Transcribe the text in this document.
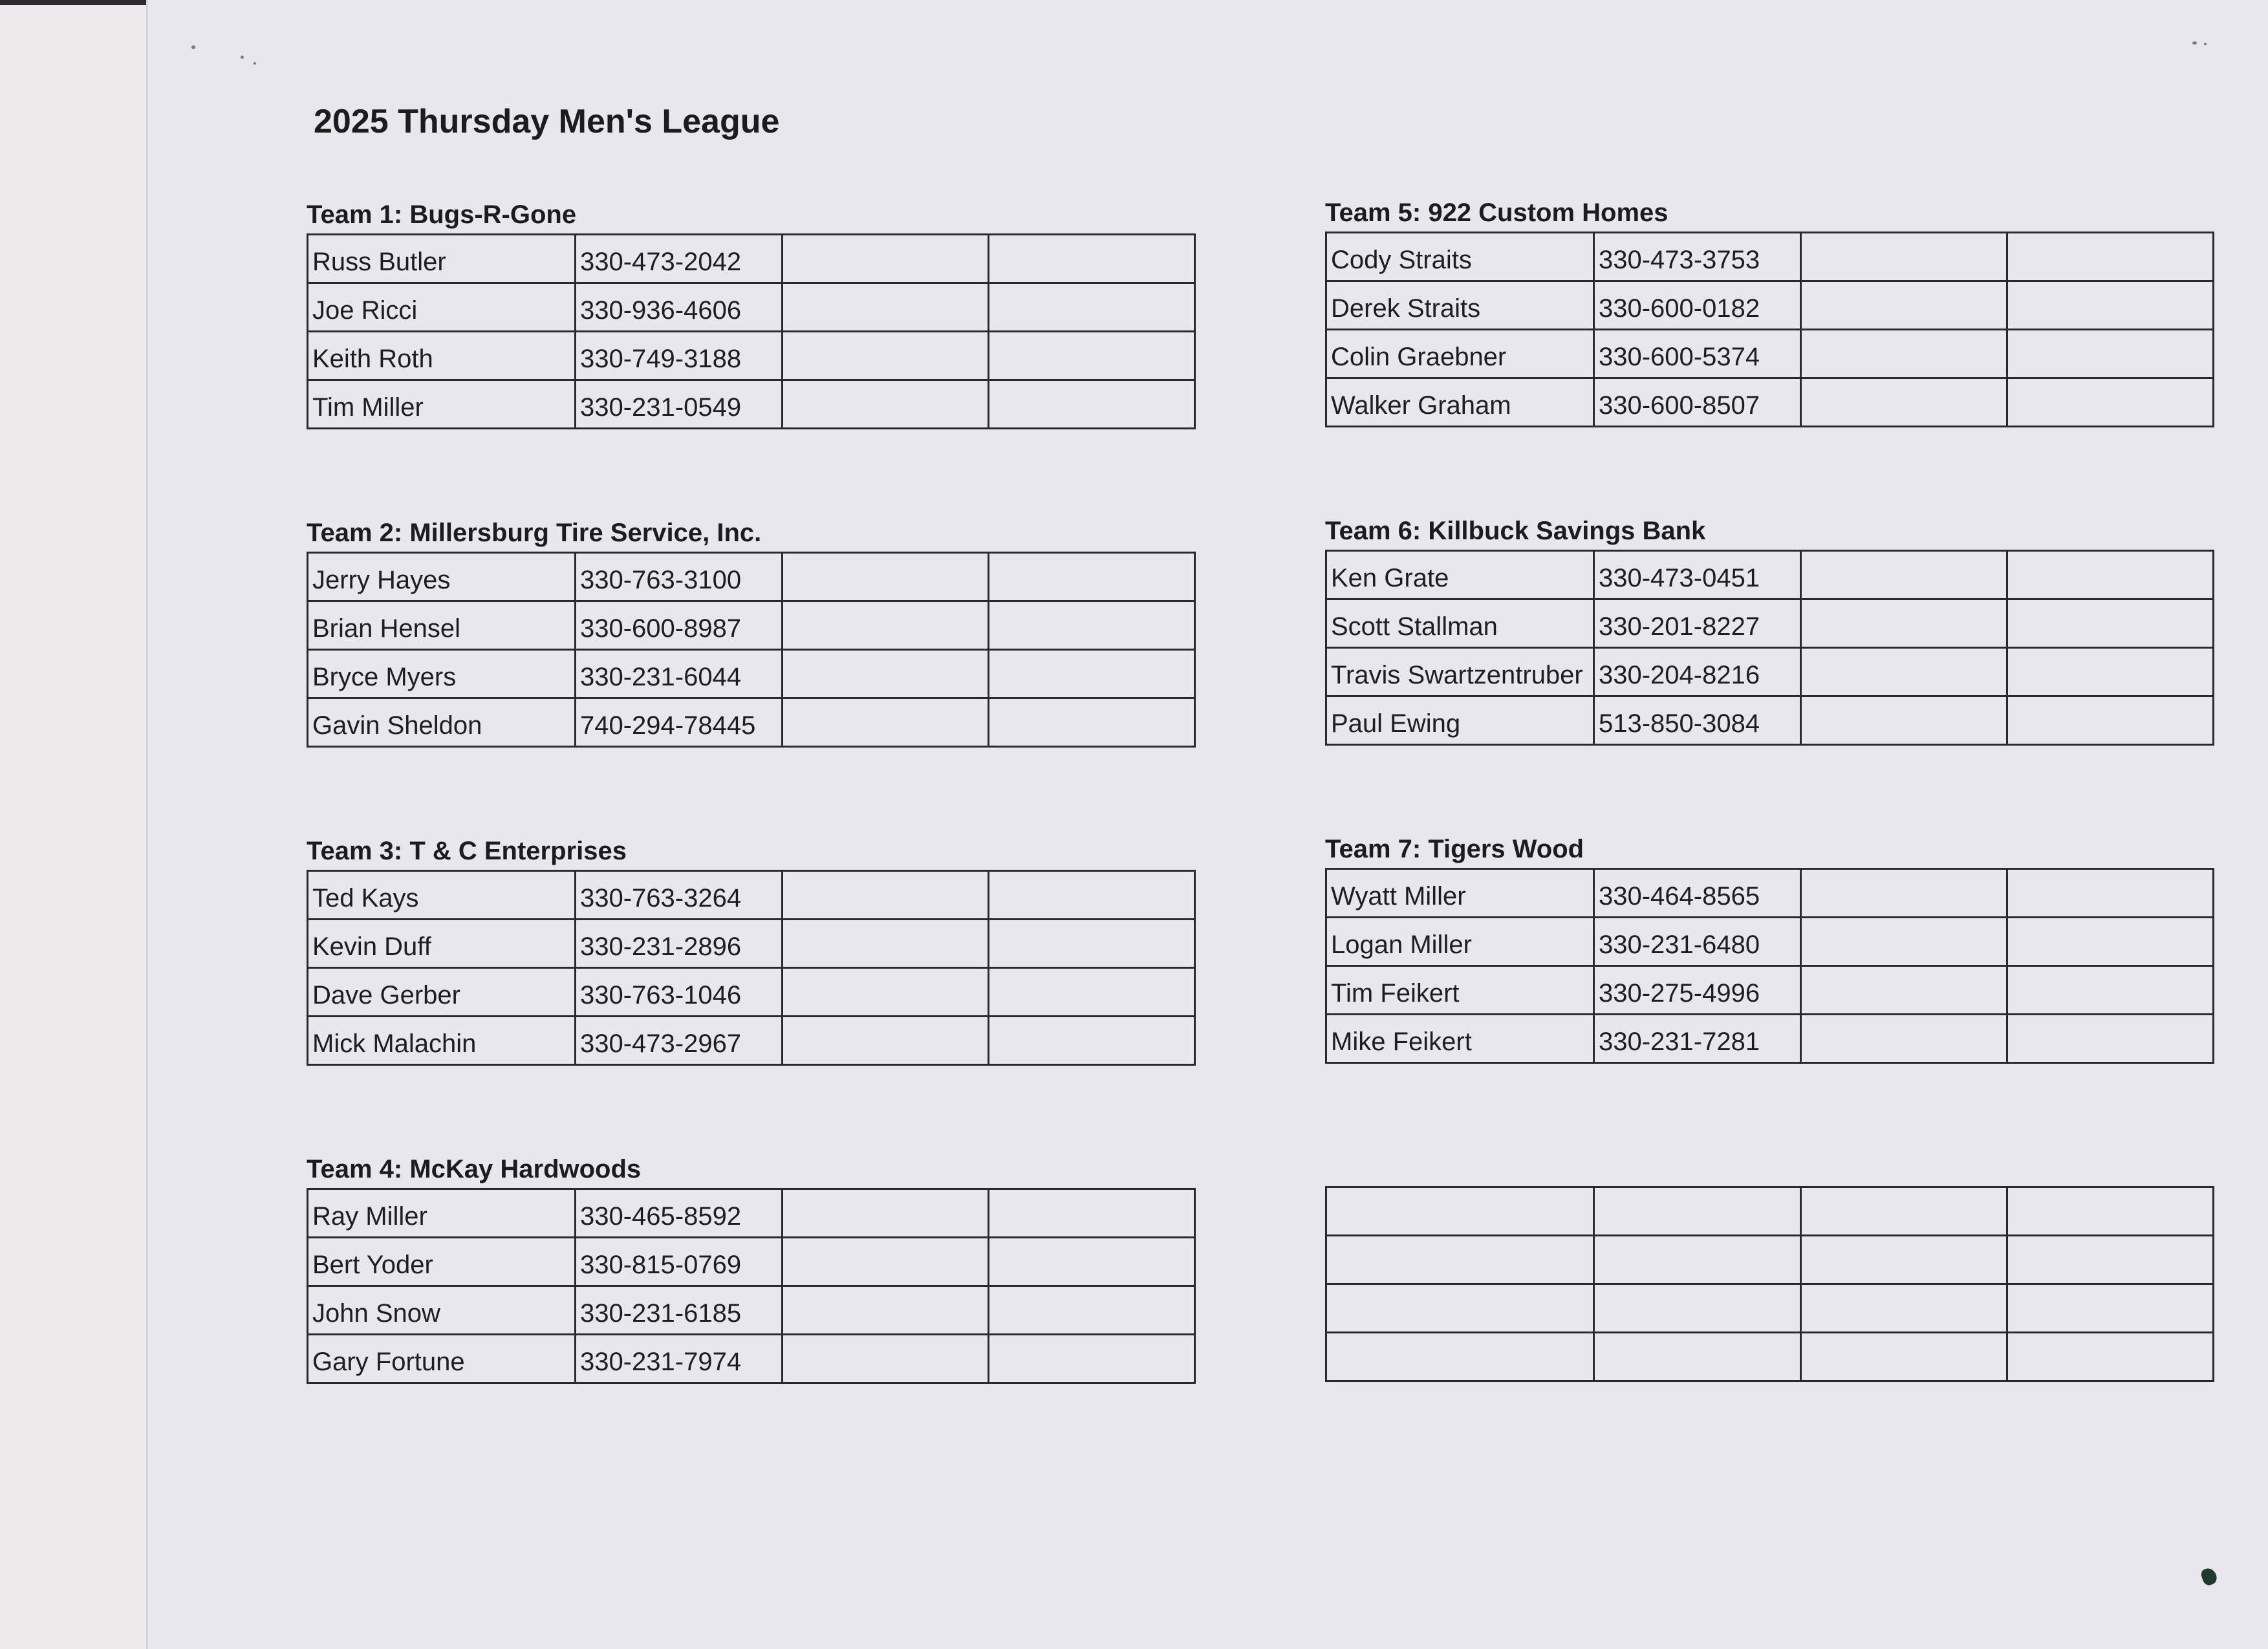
2025 Thursday Men's League
Team 1: Bugs-R-Gone
Russ Butler	330-473-2042		
Joe Ricci	330-936-4606		
Keith Roth	330-749-3188		
Tim Miller	330-231-0549		
Team 2: Millersburg Tire Service, Inc.
Jerry Hayes	330-763-3100		
Brian Hensel	330-600-8987		
Bryce Myers	330-231-6044		
Gavin Sheldon	740-294-78445		
Team 3: T & C Enterprises
Ted Kays	330-763-3264		
Kevin Duff	330-231-2896		
Dave Gerber	330-763-1046		
Mick Malachin	330-473-2967		
Team 4: McKay Hardwoods
Ray Miller	330-465-8592		
Bert Yoder	330-815-0769		
John Snow	330-231-6185		
Gary Fortune	330-231-7974		
Team 5: 922 Custom Homes
Cody Straits	330-473-3753		
Derek Straits	330-600-0182		
Colin Graebner	330-600-5374		
Walker Graham	330-600-8507		
Team 6: Killbuck Savings Bank
Ken Grate	330-473-0451		
Scott Stallman	330-201-8227		
Travis Swartzentruber	330-204-8216		
Paul Ewing	513-850-3084		
Team 7: Tigers Wood
Wyatt Miller	330-464-8565		
Logan Miller	330-231-6480		
Tim Feikert	330-275-4996		
Mike Feikert	330-231-7281		
